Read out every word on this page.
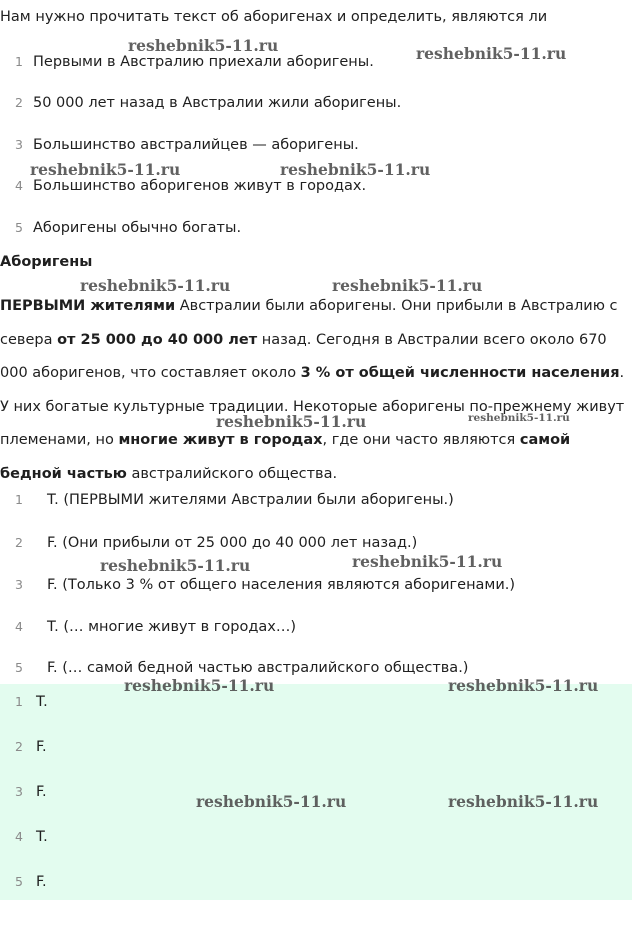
Нам нужно прочитать текст об аборигенах и определить, являются ли
1 Первыми в Австралию приехали аборигены.
2 50 000 лет назад в Австралии жили аборигены.
3 Большинство австралийцев — аборигены.
4 Большинство аборигенов живут в городах.
5 Аборигены обычно богаты.
Аборигены

ПЕРВЫМИ жителями Австралии были аборигены. Они прибыли в Австралию с севера от 25 000 до 40 000 лет назад. Сегодня в Австралии всего около 670 000 аборигенов, что составляет около 3 % от общей численности населения. У них богатые культурные традиции. Некоторые аборигены по-прежнему живут племенами, но многие живут в городах, где они часто являются самой бедной частью австралийского общества.

1 T. (ПЕРВЫМИ жителями Австралии были аборигены.)
2 F. (Они прибыли от 25 000 до 40 000 лет назад.)
3 F. (Только 3 % от общего населения являются аборигенами.)
4 T. (… многие живут в городах…)
5 F. (… самой бедной частью австралийского общества.)
1 T.
2 F.
3 F.
4 T.
5 F.
reshebnik5-11.ru	reshebnik5-11.ru
reshebnik5-11.ru	reshebnik5-11.ru
reshebnik5-11.ru	reshebnik5-11.ru
reshebnik5-11.ru	reshebnik5-11.ru
reshebnik5-11.ru	reshebnik5-11.ru
reshebnik5-11.ru	reshebnik5-11.ru
reshebnik5-11.ru	reshebnik5-11.ru
